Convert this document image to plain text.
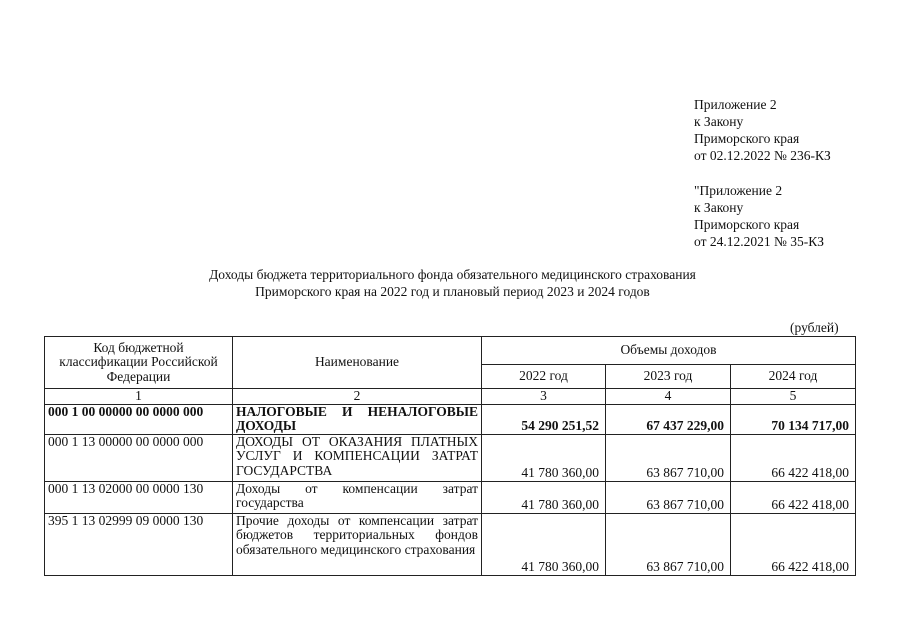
Приложение 2
к Закону
Приморского края
от 02.12.2022 № 236-КЗ
"Приложение 2
к Закону
Приморского края
от 24.12.2021 № 35-КЗ
Доходы бюджета территориального фонда обязательного медицинского страхования
Приморского края на 2022 год и плановый период 2023 и 2024 годов
(рублей)
Код бюджетной классификации Российской Федерации	Наименование	Объемы доходов		
		2022 год	2023 год	2024 год
1	2	3	4	5
000 1 00 00000 00 0000 000	НАЛОГОВЫЕ И НЕНАЛОГОВЫЕ ДОХОДЫ	54 290 251,52	67 437 229,00	70 134 717,00
000 1 13 00000 00 0000 000	ДОХОДЫ ОТ ОКАЗАНИЯ ПЛАТНЫХ УСЛУГ И КОМПЕНСАЦИИ ЗАТРАТ ГОСУДАРСТВА	41 780 360,00	63 867 710,00	66 422 418,00
000 1 13 02000 00 0000 130	Доходы от компенсации затрат государства	41 780 360,00	63 867 710,00	66 422 418,00
395 1 13 02999 09 0000 130	Прочие доходы от компенсации затрат бюджетов территориальных фондов обязательного медицинского страхования	41 780 360,00	63 867 710,00	66 422 418,00
